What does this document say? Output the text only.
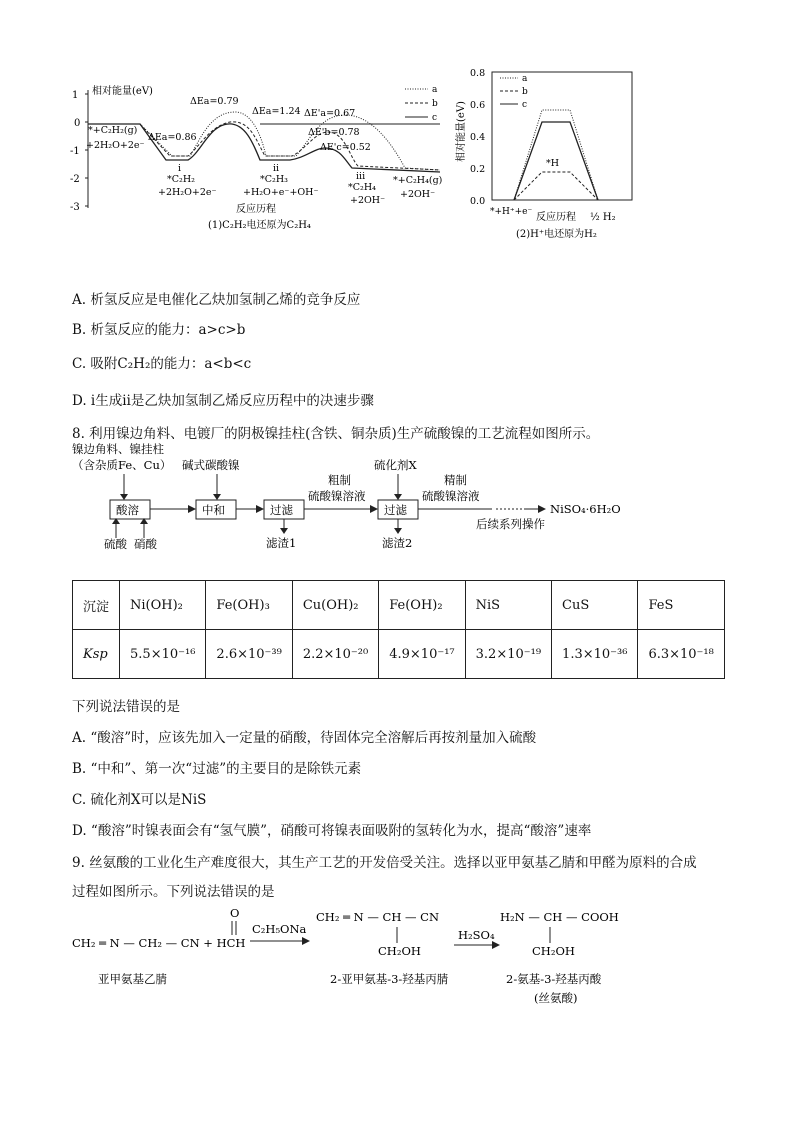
1
0
-1
-2
-3
相对能量(eV)	a
b
c
*+C₂H₂(g)
+2H₂O+2e⁻
ΔEa=0.79
ΔEa=1.24 ΔE'a=0.67
ΔEa=0.86	ΔE'b=0.78
ΔE'c=0.52
i
*C₂H₂
+2H₂O+2e⁻
ii
*C₂H₃
+H₂O+e⁻+OH⁻
iii
*C₂H₄
+2OH⁻
*+C₂H₄(g)
+2OH⁻
反应历程
(1)C₂H₂电还原为C₂H₄
0.8
0.6
0.4
0.2
0.0
相对能量(eV)
a
b
c
*H
*+H⁺+e⁻ 反应历程 ½ H₂
(2)H⁺电还原为H₂
A. 析氢反应是电催化乙炔加氢制乙烯的竞争反应
B. 析氢反应的能力：a>c>b
C. 吸附C₂H₂的能力：a<b<c
D. ⅰ生成ⅱ是乙炔加氢制乙烯反应历程中的决速步骤
8. 利用镍边角料、电镀厂的阴极镍挂柱(含铁、铜杂质)生产硫酸镍的工艺流程如图所示。
镍边角料、镍挂柱
（含杂质Fe、Cu）
酸溶
碱式碳酸镍
中和	过滤
粗制
硫酸镍溶液
硫化剂X
过滤
精制
硫酸镍溶液
NiSO₄·6H₂O
后续系列操作
硫酸 硝酸	滤渣1	滤渣2
沉淀	Ni(OH)₂	Fe(OH)₃	Cu(OH)₂	Fe(OH)₂	NiS	CuS	FeS
Ksp	5.5×10⁻¹⁶	2.6×10⁻³⁹	2.2×10⁻²⁰	4.9×10⁻¹⁷	3.2×10⁻¹⁹	1.3×10⁻³⁶	6.3×10⁻¹⁸
下列说法错误的是
A. “酸溶”时，应该先加入一定量的硝酸，待固体完全溶解后再按剂量加入硫酸
B. “中和”、第一次“过滤”的主要目的是除铁元素
C. 硫化剂X可以是NiS
D. “酸溶”时镍表面会有“氢气膜”，硝酸可将镍表面吸附的氢转化为水，提高“酸溶”速率
9. 丝氨酸的工业化生产难度很大，其生产工艺的开发倍受关注。选择以亚甲氨基乙腈和甲醛为原料的合成
过程如图所示。下列说法错误的是
CH₂ ═ N — CH₂ — CN + HCH
O
C₂H₅ONa
CH₂ ═ N — CH — CN
CH₂OH
H₂SO₄
H₂N — CH — COOH
CH₂OH
亚甲氨基乙腈	2-亚甲氨基-3-羟基丙腈	2-氨基-3-羟基丙酸
(丝氨酸)
